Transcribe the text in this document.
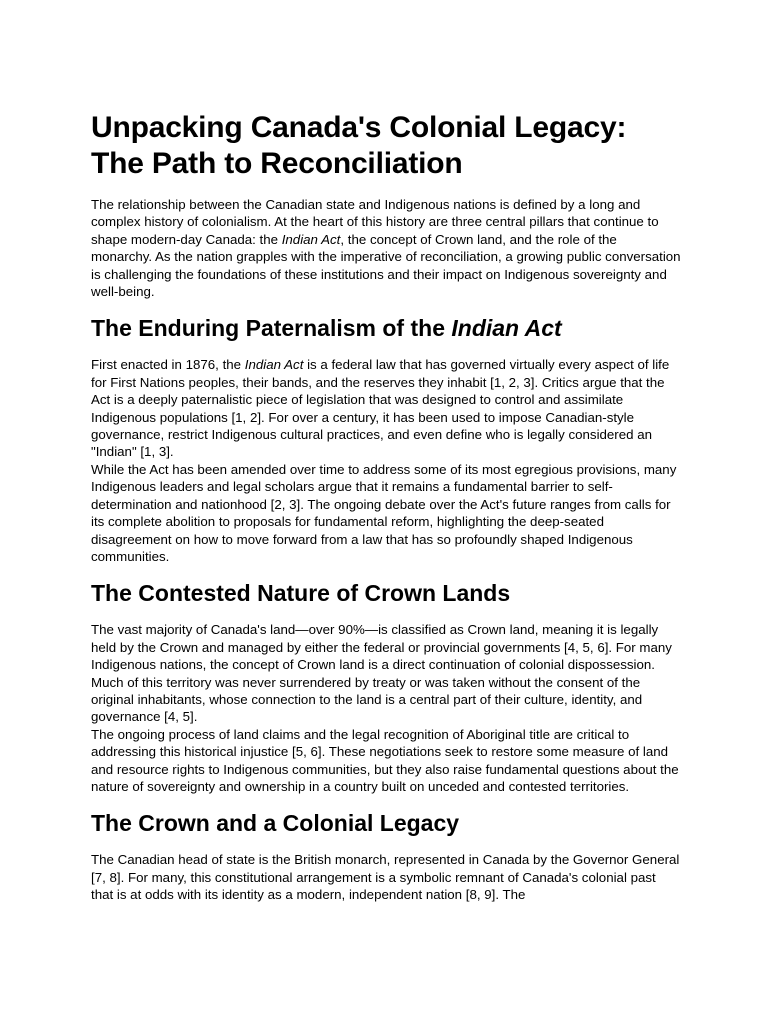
Unpacking Canada's Colonial Legacy:
The Path to Reconciliation

The relationship between the Canadian state and Indigenous nations is defined by a long and complex history of colonialism. At the heart of this history are three central pillars that continue to shape modern-day Canada: the Indian Act, the concept of Crown land, and the role of the monarchy. As the nation grapples with the imperative of reconciliation, a growing public conversation is challenging the foundations of these institutions and their impact on Indigenous sovereignty and well-being.

The Enduring Paternalism of the Indian Act

First enacted in 1876, the Indian Act is a federal law that has governed virtually every aspect of life for First Nations peoples, their bands, and the reserves they inhabit [1, 2, 3]. Critics argue that the Act is a deeply paternalistic piece of legislation that was designed to control and assimilate Indigenous populations [1, 2]. For over a century, it has been used to impose Canadian-style governance, restrict Indigenous cultural practices, and even define who is legally considered an "Indian" [1, 3].

While the Act has been amended over time to address some of its most egregious provisions, many Indigenous leaders and legal scholars argue that it remains a fundamental barrier to self-determination and nationhood [2, 3]. The ongoing debate over the Act's future ranges from calls for its complete abolition to proposals for fundamental reform, highlighting the deep-seated disagreement on how to move forward from a law that has so profoundly shaped Indigenous communities.

The Contested Nature of Crown Lands

The vast majority of Canada's land—over 90%—is classified as Crown land, meaning it is legally held by the Crown and managed by either the federal or provincial governments [4, 5, 6]. For many Indigenous nations, the concept of Crown land is a direct continuation of colonial dispossession. Much of this territory was never surrendered by treaty or was taken without the consent of the original inhabitants, whose connection to the land is a central part of their culture, identity, and governance [4, 5].

The ongoing process of land claims and the legal recognition of Aboriginal title are critical to addressing this historical injustice [5, 6]. These negotiations seek to restore some measure of land and resource rights to Indigenous communities, but they also raise fundamental questions about the nature of sovereignty and ownership in a country built on unceded and contested territories.

The Crown and a Colonial Legacy

The Canadian head of state is the British monarch, represented in Canada by the Governor General [7, 8]. For many, this constitutional arrangement is a symbolic remnant of Canada's colonial past that is at odds with its identity as a modern, independent nation [8, 9]. The
